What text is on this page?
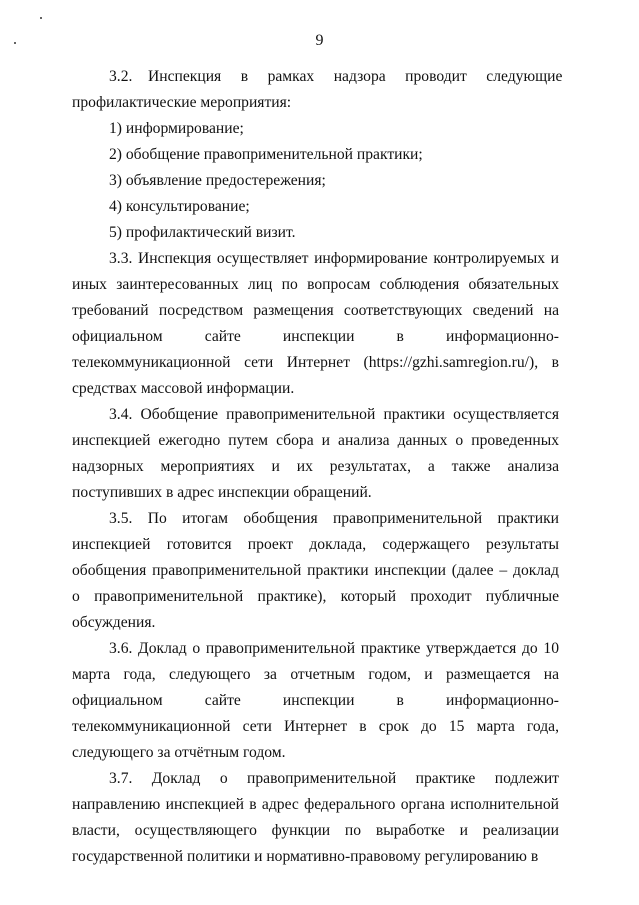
9

3.2.    Инспекция     в     рамках     надзора     проводит     следующие профилактические мероприятия:

1) информирование;

2) обобщение правоприменительной практики;

3) объявление предостережения;

4) консультирование;

5) профилактический визит.

3.3. Инспекция осуществляет информирование контролируемых и иных заинтересованных лиц по вопросам соблюдения обязательных требований посредством размещения соответствующих сведений на официальном сайте инспекции в информационно-телекоммуникационной сети Интернет (https://gzhi.samregion.ru/), в средствах массовой информации.

3.4. Обобщение правоприменительной практики осуществляется инспекцией ежегодно путем сбора и анализа данных о проведенных надзорных мероприятиях и их результатах, а также анализа поступивших в адрес инспекции обращений.

3.5. По итогам обобщения правоприменительной практики инспекцией готовится проект доклада, содержащего результаты обобщения правоприменительной практики инспекции (далее – доклад о правоприменительной практике), который проходит публичные обсуждения.

3.6. Доклад о правоприменительной практике утверждается до 10 марта года, следующего за отчетным годом, и размещается на официальном сайте инспекции в информационно-телекоммуникационной сети Интернет в срок до 15 марта года, следующего за отчётным годом.

3.7. Доклад о правоприменительной практике подлежит направлению инспекцией в адрес федерального органа исполнительной власти, осуществляющего функции по выработке и реализации государственной политики и нормативно-правовому регулированию в
